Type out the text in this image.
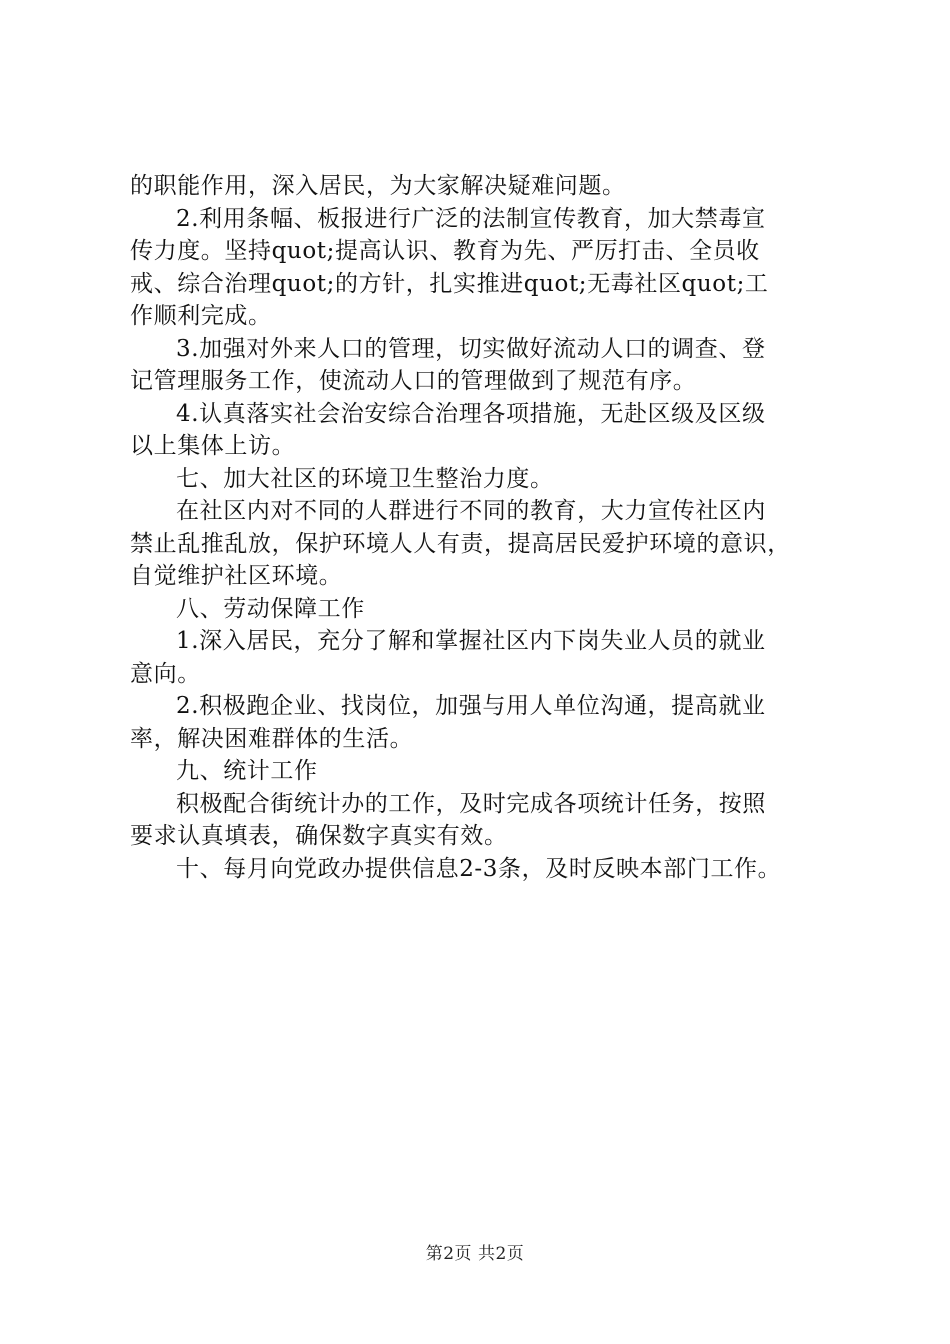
的职能作用，深入居民，为大家解决疑难问题。
2.利用条幅、板报进行广泛的法制宣传教育，加大禁毒宣
传力度。坚持quot;提高认识、教育为先、严厉打击、全员收
戒、综合治理quot;的方针，扎实推进quot;无毒社区quot;工
作顺利完成。
3.加强对外来人口的管理，切实做好流动人口的调查、登
记管理服务工作，使流动人口的管理做到了规范有序。
4.认真落实社会治安综合治理各项措施，无赴区级及区级
以上集体上访。
七、加大社区的环境卫生整治力度。
在社区内对不同的人群进行不同的教育，大力宣传社区内
禁止乱推乱放，保护环境人人有责，提高居民爱护环境的意识，
自觉维护社区环境。
八、劳动保障工作
1.深入居民，充分了解和掌握社区内下岗失业人员的就业
意向。
2.积极跑企业、找岗位，加强与用人单位沟通，提高就业
率，解决困难群体的生活。
九、统计工作
积极配合街统计办的工作，及时完成各项统计任务，按照
要求认真填表，确保数字真实有效。
十、每月向党政办提供信息2-3条，及时反映本部门工作。
第2页 共2页
